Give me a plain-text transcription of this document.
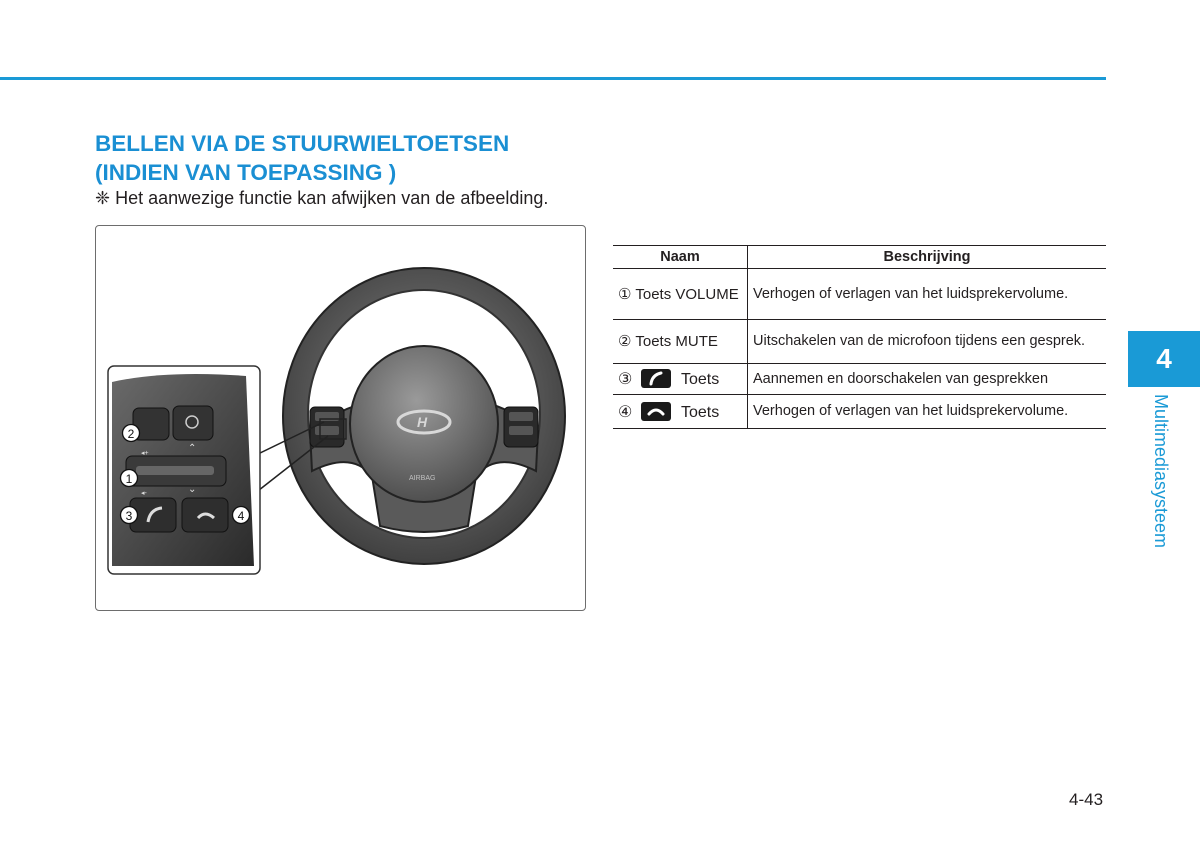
BELLEN VIA DE STUURWIELTOETSEN
(INDIEN VAN TOEPASSING )
❈ Het aanwezige functie kan afwijken van de afbeelding.
H
AIRBAG
◂+
◂-
⌃
⌄
1
2
3	4
Naam	Beschrijving
① Toets VOLUME	Verhogen of verlagen van het luidsprekervolume.
② Toets MUTE	Uitschakelen van de microfoon tijdens een gesprek.
③ Toets	Aannemen en doorschakelen van gesprekken
④ Toets	Verhogen of verlagen van het luidsprekervolume.
4
Multimediasysteem
4-43
